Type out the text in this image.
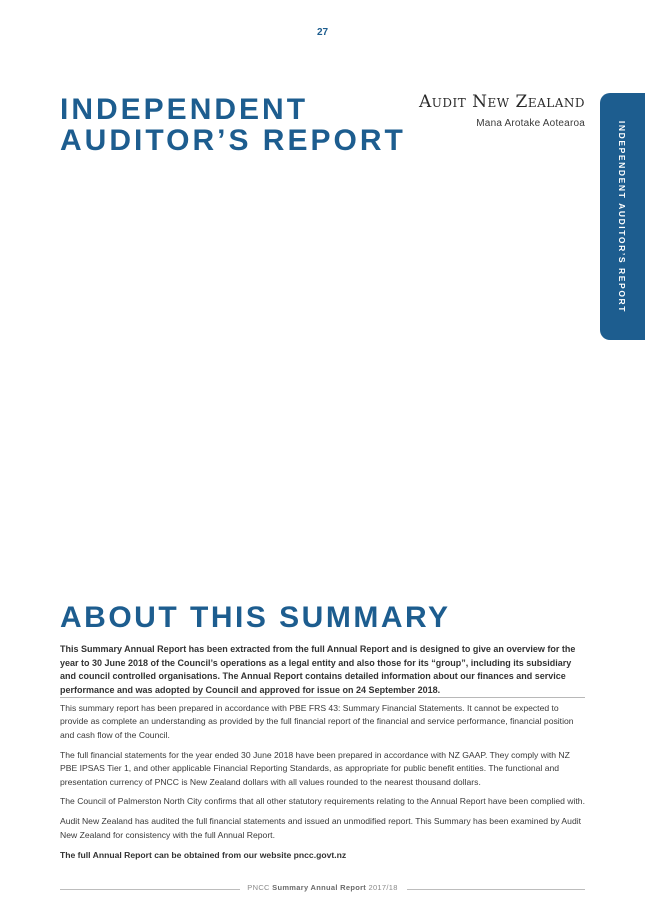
27
INDEPENDENT
AUDITOR’S REPORT
Audit New Zealand
Mana Arotake Aotearoa	INDEPENDENT AUDITOR’S REPORT
ABOUT THIS SUMMARY

This Summary Annual Report has been extracted from the full Annual Report and is designed to give an overview for the year to 30 June 2018 of the Council’s operations as a legal entity and also those for its “group”, including its subsidiary and council controlled organisations. The Annual Report contains detailed information about our finances and service performance and was adopted by Council and approved for issue on 24 September 2018.

This summary report has been prepared in accordance with PBE FRS 43: Summary Financial Statements. It cannot be expected to provide as complete an understanding as provided by the full financial report of the financial and service performance, financial position and cash flow of the Council.

The full financial statements for the year ended 30 June 2018 have been prepared in accordance with NZ GAAP. They comply with NZ PBE IPSAS Tier 1, and other applicable Financial Reporting Standards, as appropriate for public benefit entities. The functional and presentation currency of PNCC is New Zealand dollars with all values rounded to the nearest thousand dollars.

The Council of Palmerston North City confirms that all other statutory requirements relating to the Annual Report have been complied with.

Audit New Zealand has audited the full financial statements and issued an unmodified report. This Summary has been examined by Audit New Zealand for consistency with the full Annual Report.

The full Annual Report can be obtained from our website pncc.govt.nz

PNCC Summary Annual Report 2017/18
